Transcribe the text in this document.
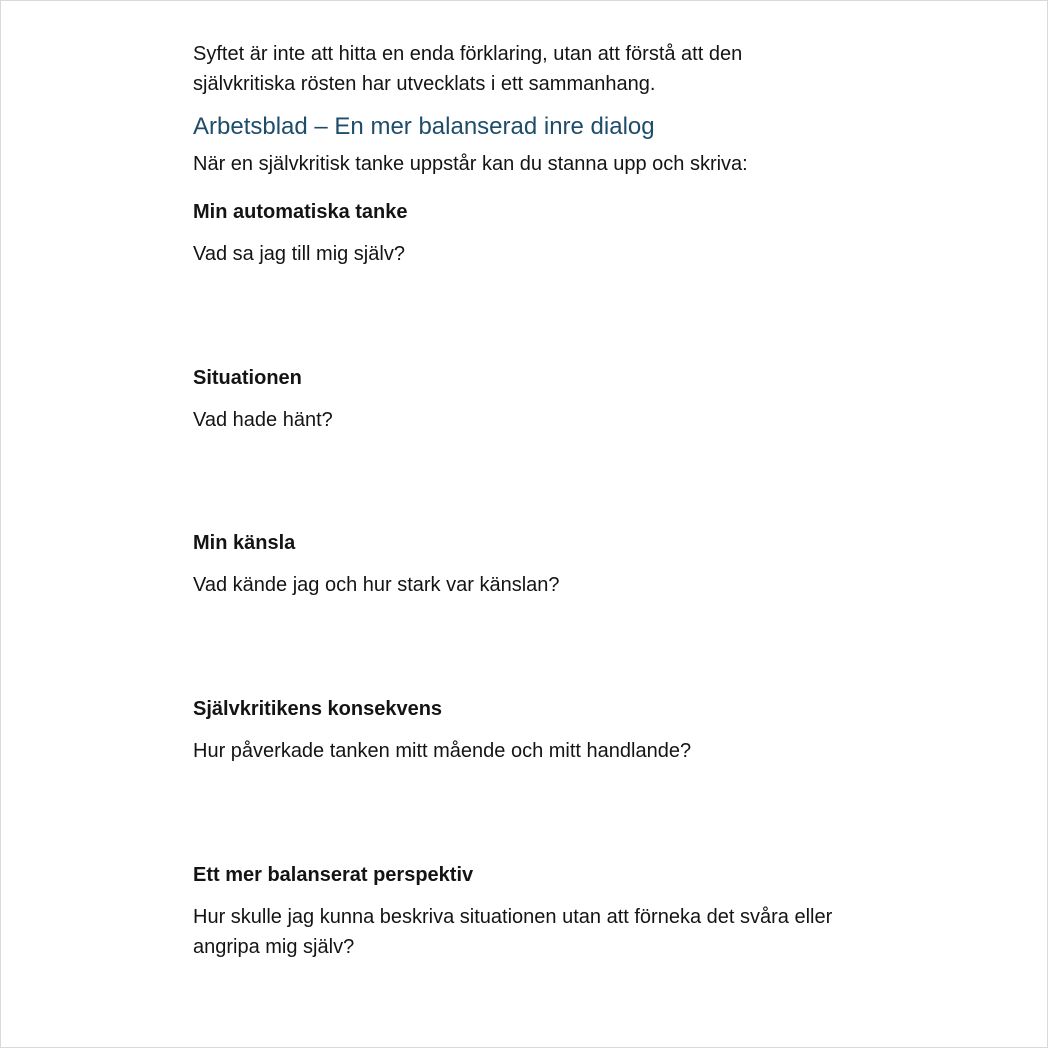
Syftet är inte att hitta en enda förklaring, utan att förstå att den självkritiska rösten har utvecklats i ett sammanhang.

Arbetsblad – En mer balanserad inre dialog

När en självkritisk tanke uppstår kan du stanna upp och skriva:

Min automatiska tanke

Vad sa jag till mig själv?

Situationen

Vad hade hänt?

Min känsla

Vad kände jag och hur stark var känslan?

Självkritikens konsekvens

Hur påverkade tanken mitt mående och mitt handlande?

Ett mer balanserat perspektiv

Hur skulle jag kunna beskriva situationen utan att förneka det svåra eller angripa mig själv?
